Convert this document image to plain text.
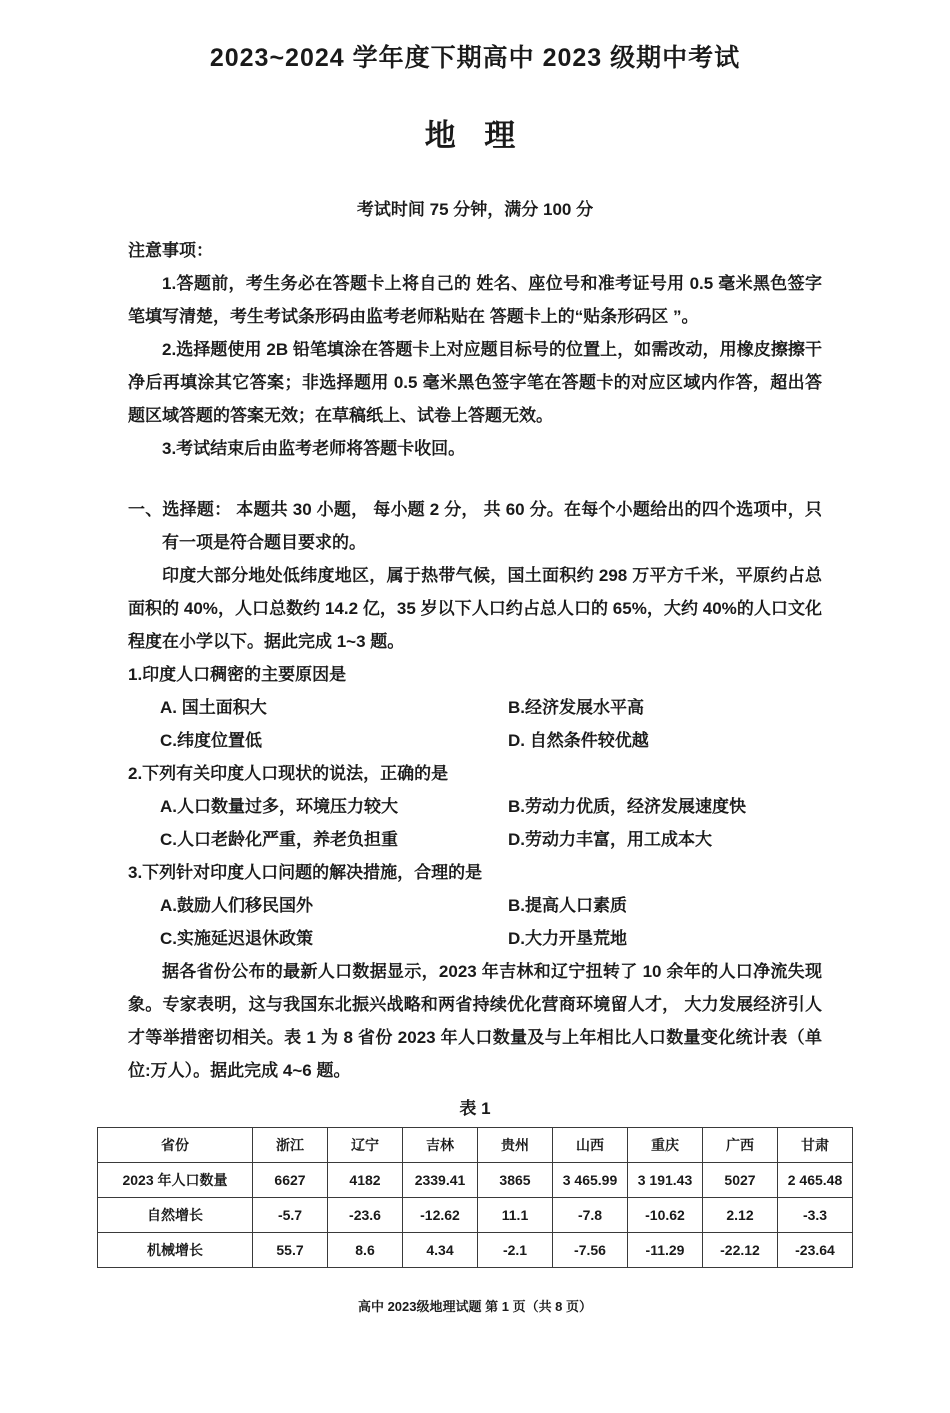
2023~2024 学年度下期高中 2023 级期中考试
地 理
考试时间 75 分钟，满分 100 分
注意事项：

1.答题前，考生务必在答题卡上将自己的 姓名、座位号和准考证号用 0.5 毫米黑色签字笔填写清楚，考生考试条形码由监考老师粘贴在 答题卡上的“贴条形码区 ”。

2.选择题使用 2B 铅笔填涂在答题卡上对应题目标号的位置上，如需改动，用橡皮擦擦干净后再填涂其它答案；非选择题用 0.5 毫米黑色签字笔在答题卡的对应区域内作答，超出答题区域答题的答案无效；在草稿纸上、试卷上答题无效。

3.考试结束后由监考老师将答题卡收回。

一、选择题： 本题共 30 小题， 每小题 2 分， 共 60 分。在每个小题给出的四个选项中，只有一项是符合题目要求的。

印度大部分地处低纬度地区，属于热带气候，国土面积约 298 万平方千米，平原约占总面积的 40%，人口总数约 14.2 亿，35 岁以下人口约占总人口的 65%，大约 40%的人口文化程度在小学以下。据此完成 1~3 题。

1.印度人口稠密的主要原因是

A. 国土面积大	B.经济发展水平高
C.纬度位置低	D. 自然条件较优越

2.下列有关印度人口现状的说法，正确的是

A.人口数量过多，环境压力较大	B.劳动力优质，经济发展速度快
C.人口老龄化严重，养老负担重	D.劳动力丰富，用工成本大

3.下列针对印度人口问题的解决措施，合理的是

A.鼓励人们移民国外	B.提高人口素质
C.实施延迟退休政策	D.大力开垦荒地

据各省份公布的最新人口数据显示，2023 年吉林和辽宁扭转了 10 余年的人口净流失现象。专家表明，这与我国东北振兴战略和两省持续优化营商环境留人才， 大力发展经济引人才等举措密切相关。表 1 为 8 省份 2023 年人口数量及与上年相比人口数量变化统计表（单位:万人）。据此完成 4~6 题。

表 1
省份	浙江	辽宁	吉林	贵州	山西	重庆	广西	甘肃
2023 年人口数量	6627	4182	2339.41	3865	3 465.99	3 191.43	5027	2 465.48
自然增长	-5.7	-23.6	-12.62	11.1	-7.8	-10.62	2.12	-3.3
机械增长	55.7	8.6	4.34	-2.1	-7.56	-11.29	-22.12	-23.64
高中 2023级地理试题 第 1 页（共 8 页）
